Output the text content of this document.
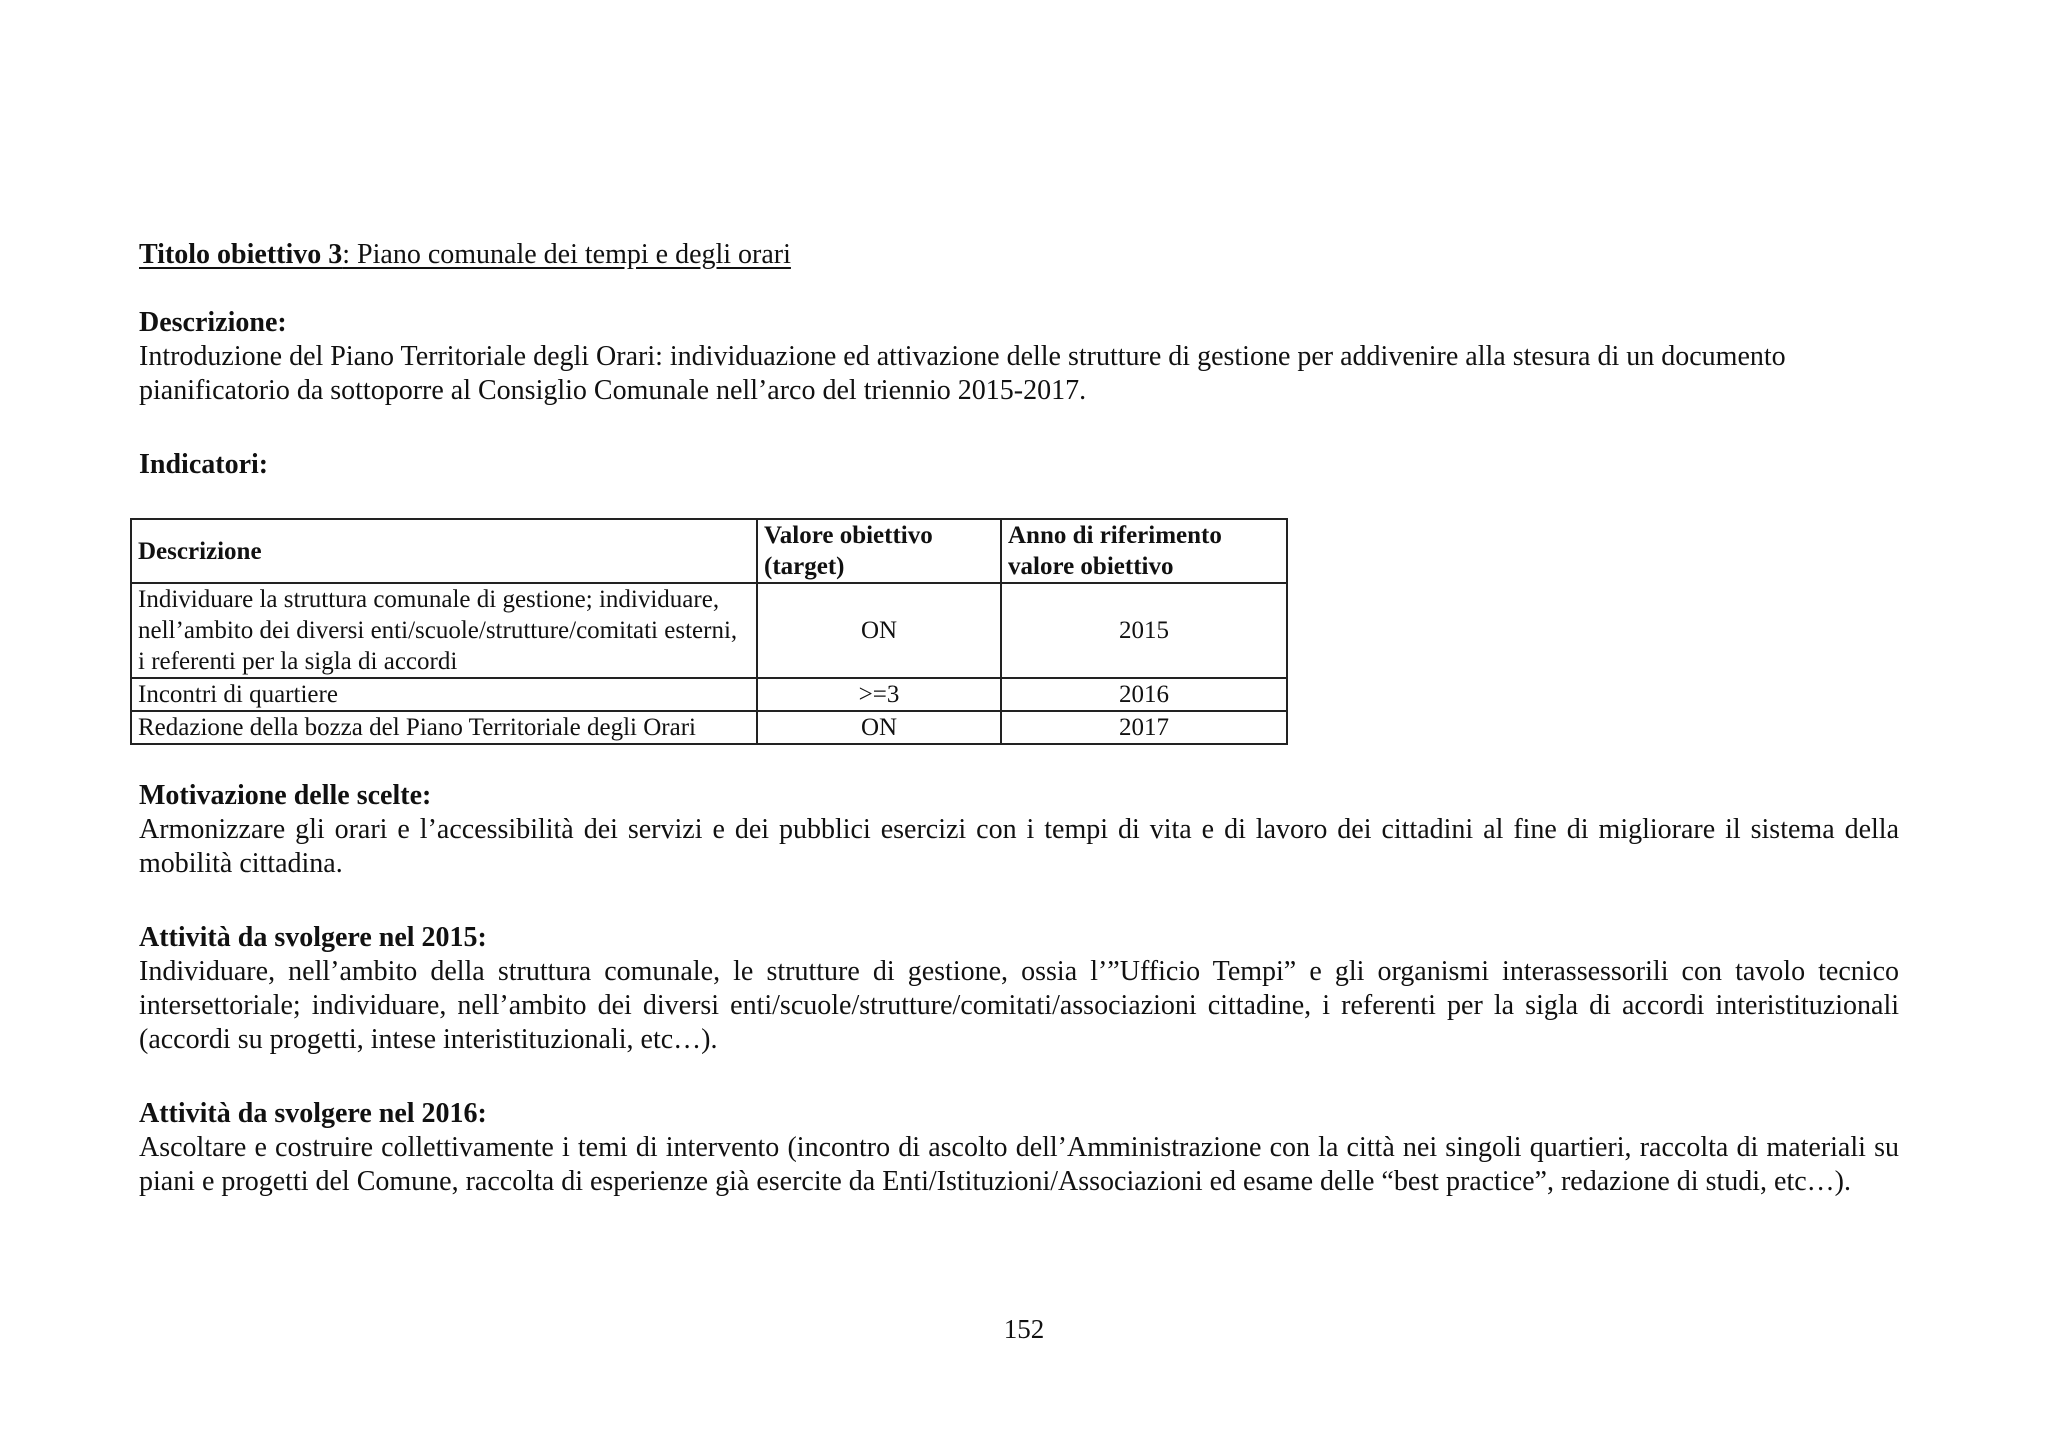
Titolo obiettivo 3: Piano comunale dei tempi e degli orari

Descrizione:

Introduzione del Piano Territoriale degli Orari: individuazione ed attivazione delle strutture di gestione per addivenire alla stesura di un documento pianificatorio da sottoporre al Consiglio Comunale nell’arco del triennio 2015-2017.

Indicatori:

Descrizione	Valore obiettivo (target)	Anno di riferimento valore obiettivo
Individuare la struttura comunale di gestione; individuare, nell’ambito dei diversi enti/scuole/strutture/comitati esterni, i referenti per la sigla di accordi	ON	2015
Incontri di quartiere	>=3	2016
Redazione della bozza del Piano Territoriale degli Orari	ON	2017

Motivazione delle scelte:

Armonizzare gli orari e l’accessibilità dei servizi e dei pubblici esercizi con i tempi di vita e di lavoro dei cittadini al fine di migliorare il sistema della mobilità cittadina.

Attività da svolgere nel 2015:

Individuare, nell’ambito della struttura comunale, le strutture di gestione, ossia l’”Ufficio Tempi” e gli organismi interassessorili con tavolo tecnico intersettoriale; individuare, nell’ambito dei diversi enti/scuole/strutture/comitati/associazioni cittadine, i referenti per la sigla di accordi interistituzionali (accordi su progetti, intese interistituzionali, etc…).

Attività da svolgere nel 2016:

Ascoltare e costruire collettivamente i temi di intervento (incontro di ascolto dell’Amministrazione con la città nei singoli quartieri, raccolta di materiali su piani e progetti del Comune, raccolta di esperienze già esercite da Enti/Istituzioni/Associazioni ed esame delle “best practice”, redazione di studi, etc…).

152
